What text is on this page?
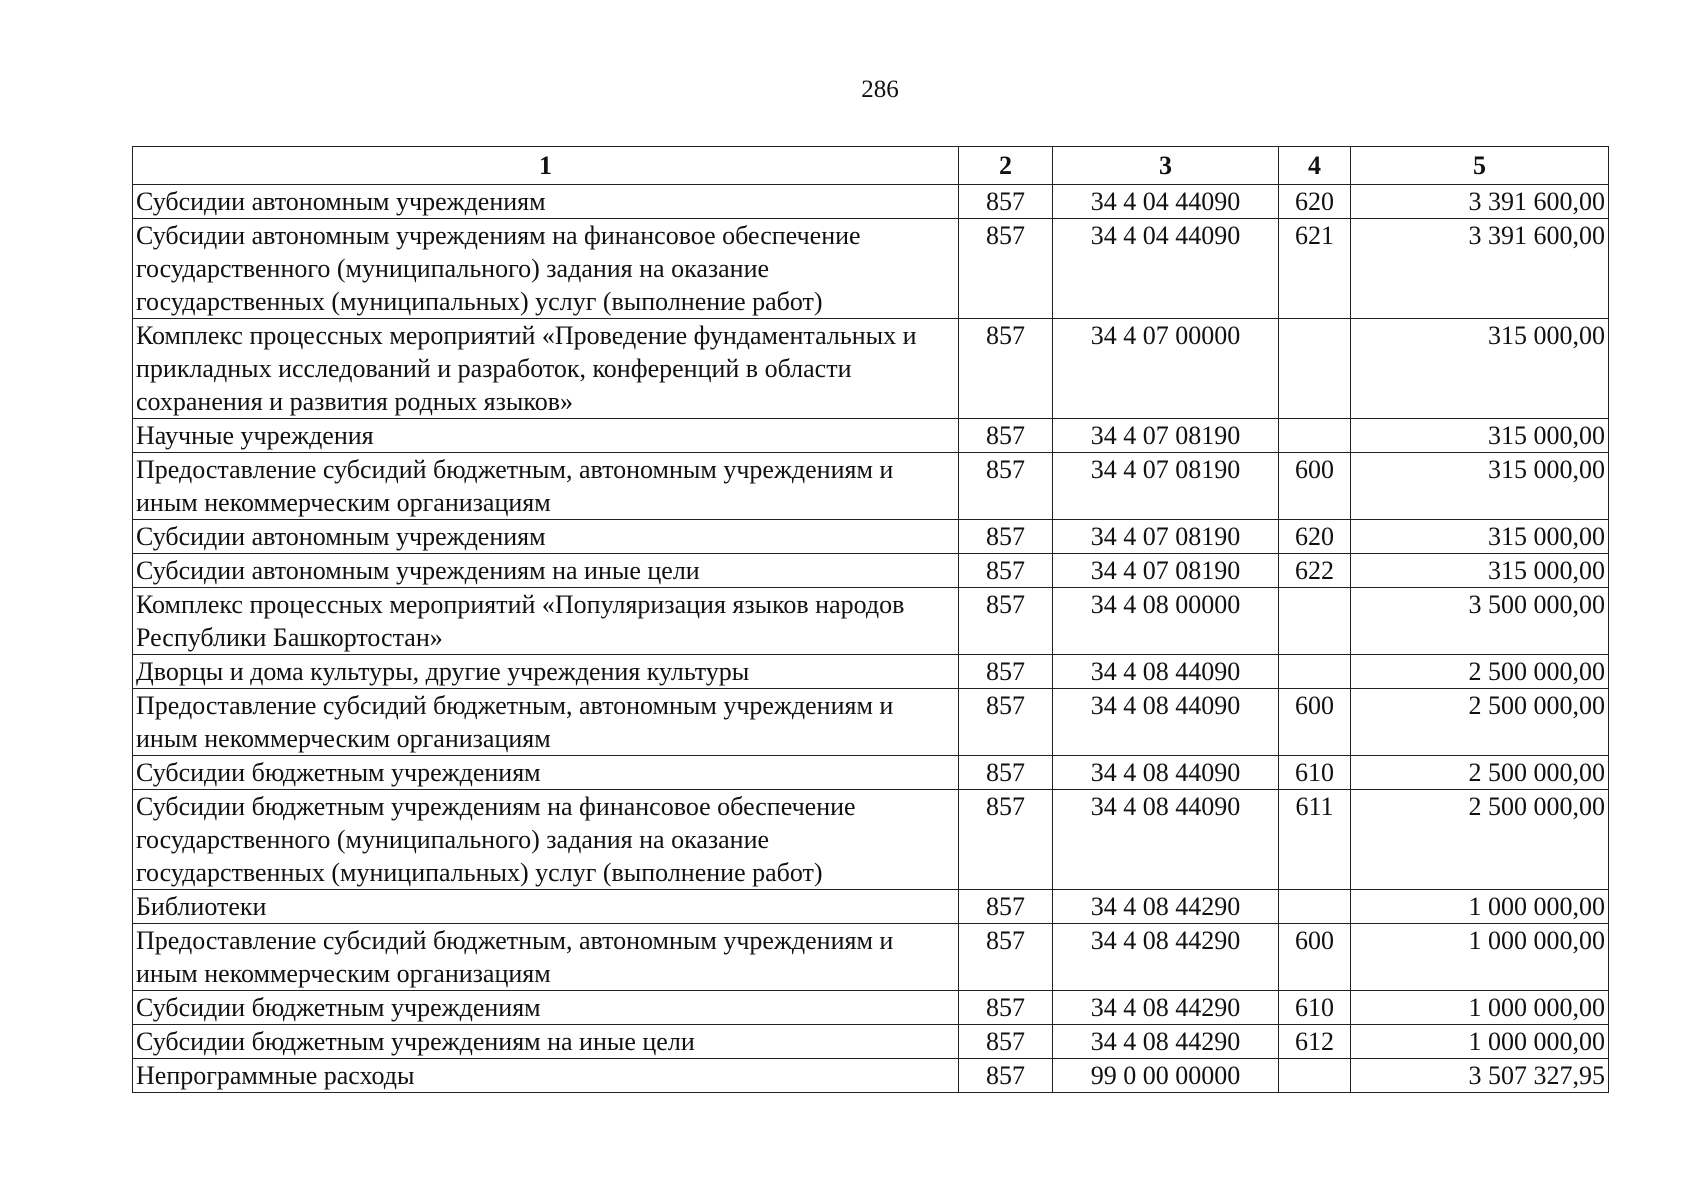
286
1	2	3	4	5
Субсидии автономным учреждениям	857	34 4 04 44090	620	3 391 600,00
Субсидии автономным учреждениям на финансовое обеспечение государственного (муниципального) задания на оказание государственных (муниципальных) услуг (выполнение работ)	857	34 4 04 44090	621	3 391 600,00
Комплекс процессных мероприятий «Проведение фундаментальных и прикладных исследований и разработок, конференций в области сохранения и развития родных языков»	857	34 4 07 00000		315 000,00
Научные учреждения	857	34 4 07 08190		315 000,00
Предоставление субсидий бюджетным, автономным учреждениям и иным некоммерческим организациям	857	34 4 07 08190	600	315 000,00
Субсидии автономным учреждениям	857	34 4 07 08190	620	315 000,00
Субсидии автономным учреждениям на иные цели	857	34 4 07 08190	622	315 000,00
Комплекс процессных мероприятий «Популяризация языков народов Республики Башкортостан»	857	34 4 08 00000		3 500 000,00
Дворцы и дома культуры, другие учреждения культуры	857	34 4 08 44090		2 500 000,00
Предоставление субсидий бюджетным, автономным учреждениям и иным некоммерческим организациям	857	34 4 08 44090	600	2 500 000,00
Субсидии бюджетным учреждениям	857	34 4 08 44090	610	2 500 000,00
Субсидии бюджетным учреждениям на финансовое обеспечение государственного (муниципального) задания на оказание государственных (муниципальных) услуг (выполнение работ)	857	34 4 08 44090	611	2 500 000,00
Библиотеки	857	34 4 08 44290		1 000 000,00
Предоставление субсидий бюджетным, автономным учреждениям и иным некоммерческим организациям	857	34 4 08 44290	600	1 000 000,00
Субсидии бюджетным учреждениям	857	34 4 08 44290	610	1 000 000,00
Субсидии бюджетным учреждениям на иные цели	857	34 4 08 44290	612	1 000 000,00
Непрограммные расходы	857	99 0 00 00000		3 507 327,95
